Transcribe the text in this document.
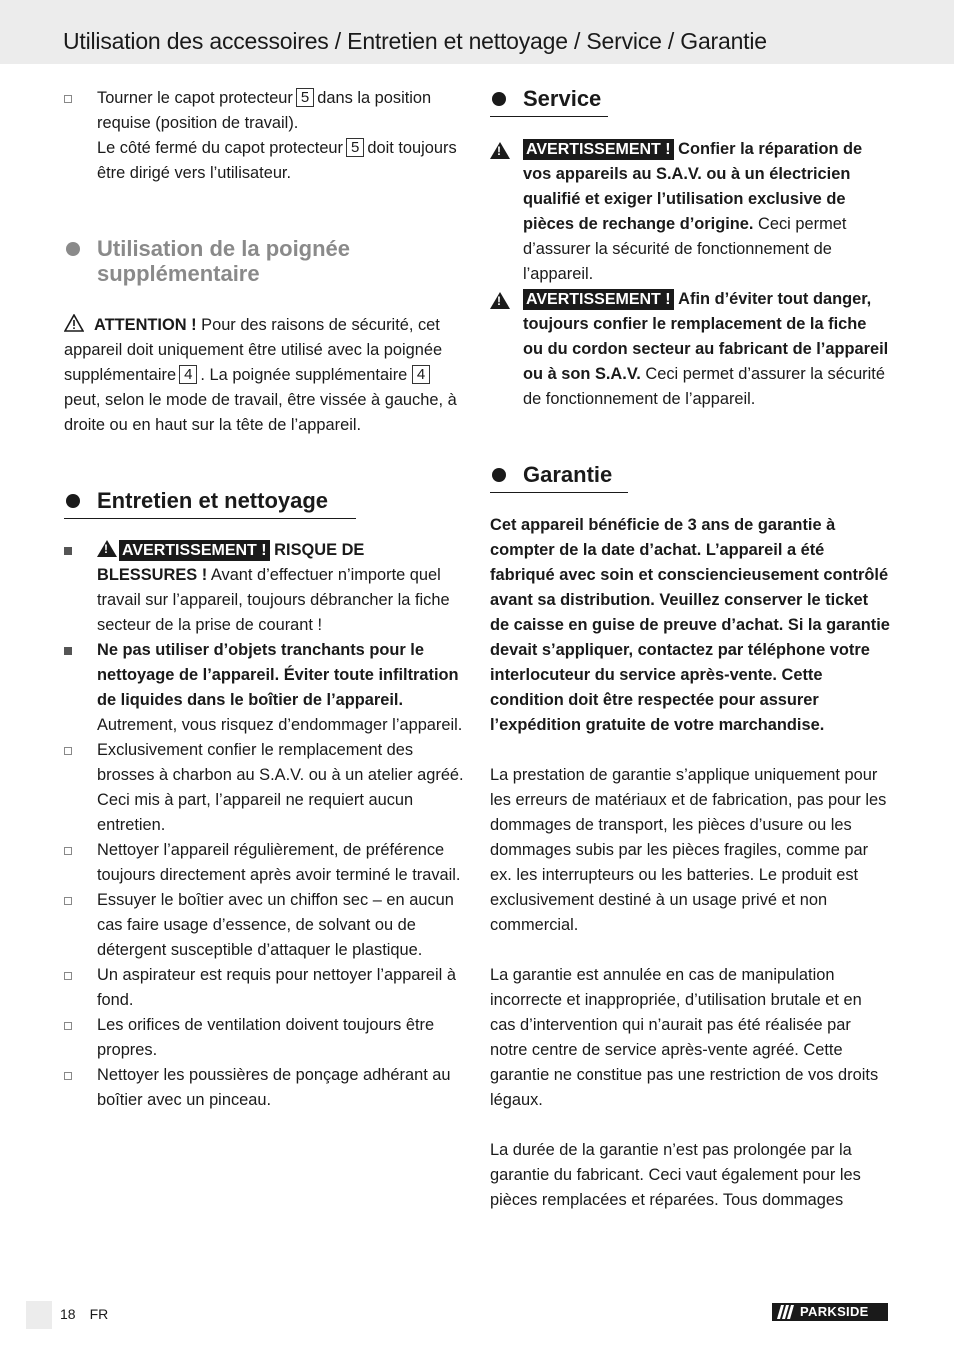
Utilisation des accessoires / Entretien et nettoyage / Service / Garantie
Tourner le capot protecteur 5 dans la position requise (position de travail).
Le côté fermé du capot protecteur 5 doit toujours être dirigé vers l’utilisateur.
Utilisation de la poignée supplémentaire
ATTENTION ! Pour des raisons de sécurité, cet appareil doit uniquement être utilisé avec la poignée supplémentaire 4 . La poignée supplémentaire 4peut, selon le mode de travail, être vissée à gauche, à droite ou en haut sur la tête de l’appareil.
Entretien et nettoyage
!AVERTISSEMENT ! RISQUE DE BLESSURES ! Avant d’effectuer n’importe quel travail sur l’appareil, toujours débrancher la fiche secteur de la prise de courant !
Ne pas utiliser d’objets tranchants pour le nettoyage de l’appareil. Éviter toute infiltration de liquides dans le boîtier de l’appareil. Autrement, vous risquez d’endommager l’appareil.
Exclusivement confier le remplacement des brosses à charbon au S.A.V. ou à un atelier agréé. Ceci mis à part, l’appareil ne requiert aucun entretien.
Nettoyer l’appareil régulièrement, de préférence toujours directement après avoir terminé le travail.
Essuyer le boîtier avec un chiffon sec – en aucun cas faire usage d’essence, de solvant ou de détergent susceptible d’attaquer le plastique.
Un aspirateur est requis pour nettoyer l’appareil à fond.
Les orifices de ventilation doivent toujours être propres.
Nettoyer les poussières de ponçage adhérant au boîtier avec un pinceau.
Service
!
AVERTISSEMENT ! Confier la réparation de vos appareils au S.A.V. ou à un électricien qualifié et exiger l’utilisation exclusive de pièces de rechange d’origine. Ceci permet d’assurer la sécurité de fonctionnement de l’appareil.
!
AVERTISSEMENT ! Afin d’éviter tout danger, toujours confier le remplacement de la fiche ou du cordon secteur au fabricant de l’appareil ou à son S.A.V. Ceci permet d’assurer la sécurité de fonctionnement de l’appareil.
Garantie

Cet appareil bénéficie de 3 ans de garantie à compter de la date d’achat. L’appareil a été fabriqué avec soin et consciencieusement contrôlé avant sa distribution. Veuillez conserver le ticket de caisse en guise de preuve d’achat. Si la garantie devait s’appliquer, contactez par téléphone votre interlocuteur du service après-vente. Cette condition doit être respectée pour assurer l’expédition gratuite de votre marchandise.

La prestation de garantie s’applique uniquement pour les erreurs de matériaux et de fabrication, pas pour les dommages de transport, les pièces d’usure ou les dommages subis par les pièces fragiles, comme par ex. les interrupteurs ou les batteries. Le produit est exclusivement destiné à un usage privé et non commercial.

La garantie est annulée en cas de manipulation incorrecte et inappropriée, d’utilisation brutale et en cas d’intervention qui n’aurait pas été réalisée par notre centre de service après-vente agréé. Cette garantie ne constitue pas une restriction de vos droits légaux.

La durée de la garantie n’est pas prolongée par la garantie du fabricant. Ceci vaut également pour les pièces remplacées et réparées. Tous dommages

18 FR	PARKSIDE
